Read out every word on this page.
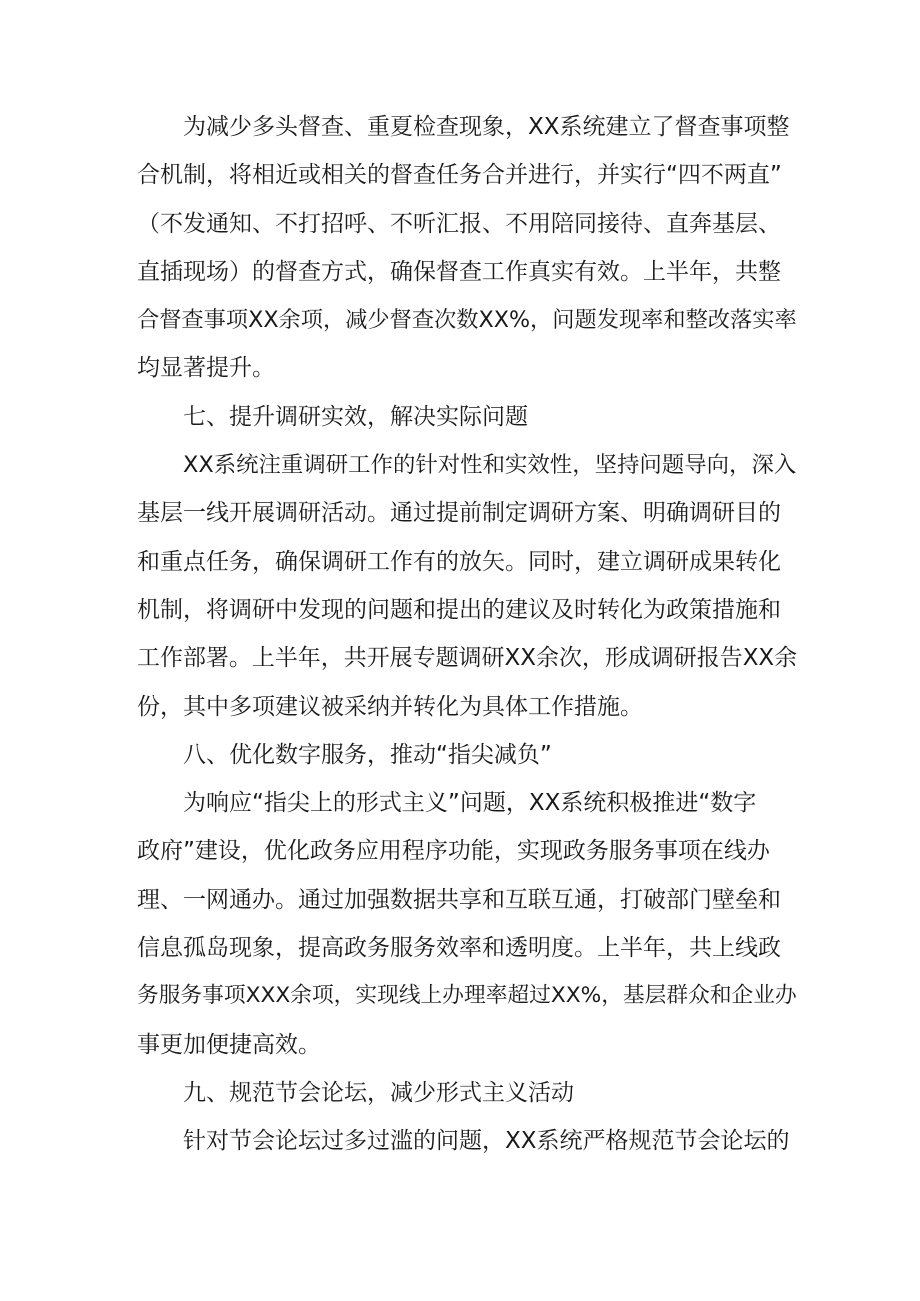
为减少多头督查、重夏检查现象，XX系统建立了督查事项整

合机制，将相近或相关的督查任务合并进行，并实行“四不两直”

（不发通知、不打招呼、不听汇报、不用陪同接待、直奔基层、

直插现场）的督查方式，确保督查工作真实有效。上半年，共整

合督查事项XX余项，减少督查次数XX%，问题发现率和整改落实率

均显著提升。

七、提升调研实效，解决实际问题

XX系统注重调研工作的针对性和实效性，坚持问题导向，深入

基层一线开展调研活动。通过提前制定调研方案、明确调研目的

和重点任务，确保调研工作有的放矢。同时，建立调研成果转化

机制，将调研中发现的问题和提出的建议及时转化为政策措施和

工作部署。上半年，共开展专题调研XX余次，形成调研报告XX余

份，其中多项建议被采纳并转化为具体工作措施。

八、优化数字服务，推动“指尖减负”

为响应“指尖上的形式主义”问题，XX系统积极推进“数字

政府”建设，优化政务应用程序功能，实现政务服务事项在线办

理、一网通办。通过加强数据共享和互联互通，打破部门壁垒和

信息孤岛现象，提高政务服务效率和透明度。上半年，共上线政

务服务事项XXX余项，实现线上办理率超过XX%，基层群众和企业办

事更加便捷高效。

九、规范节会论坛，减少形式主义活动

针对节会论坛过多过滥的问题，XX系统严格规范节会论坛的
